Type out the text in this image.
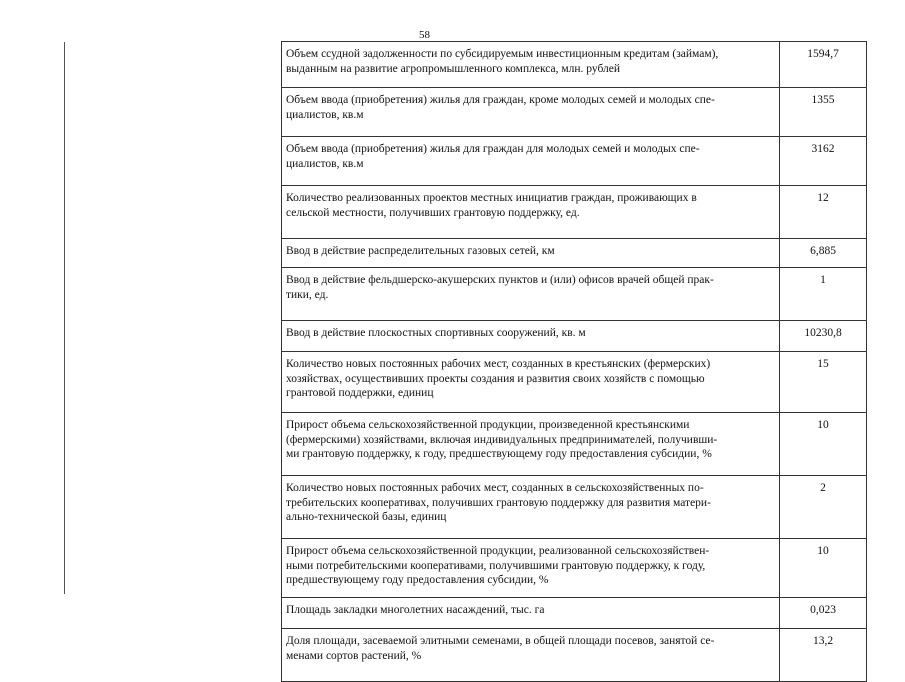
58
Объем ссудной задолженности по субсидируемым инвестиционным кредитам (займам),
выданным на развитие агропромышленного комплекса, млн. рублей	1594,7

Объем ввода (приобретения) жилья для граждан, кроме молодых семей и молодых спе-
циалистов, кв.м	1355

Объем ввода (приобретения) жилья для граждан для молодых семей и молодых спе-
циалистов, кв.м	3162

Количество реализованных проектов местных инициатив граждан, проживающих в
сельской местности, получивших грантовую поддержку, ед.	12

Ввод в действие распределительных газовых сетей, км	6,885

Ввод в действие фельдшерско-акушерских пунктов и (или) офисов врачей общей прак-
тики, ед.	1

Ввод в действие плоскостных спортивных сооружений, кв. м	10230,8

Количество новых постоянных рабочих мест, созданных в крестьянских (фермерских)
хозяйствах, осуществивших проекты создания и развития своих хозяйств с помощью
грантовой поддержки, единиц	15

Прирост объема сельскохозяйственной продукции, произведенной крестьянскими
(фермерскими) хозяйствами, включая индивидуальных предпринимателей, получивши-
ми грантовую поддержку, к году, предшествующему году предоставления субсидии, %	10

Количество новых постоянных рабочих мест, созданных в сельскохозяйственных по-
требительских кооперативах, получивших грантовую поддержку для развития матери-
ально-технической базы, единиц	2

Прирост объема сельскохозяйственной продукции, реализованной сельскохозяйствен-
ными потребительскими кооперативами, получившими грантовую поддержку, к году,
предшествующему году предоставления субсидии, %	10

Площадь закладки многолетних насаждений, тыс. га	0,023

Доля площади, засеваемой элитными семенами, в общей площади посевов, занятой се-
менами сортов растений, %	13,2
